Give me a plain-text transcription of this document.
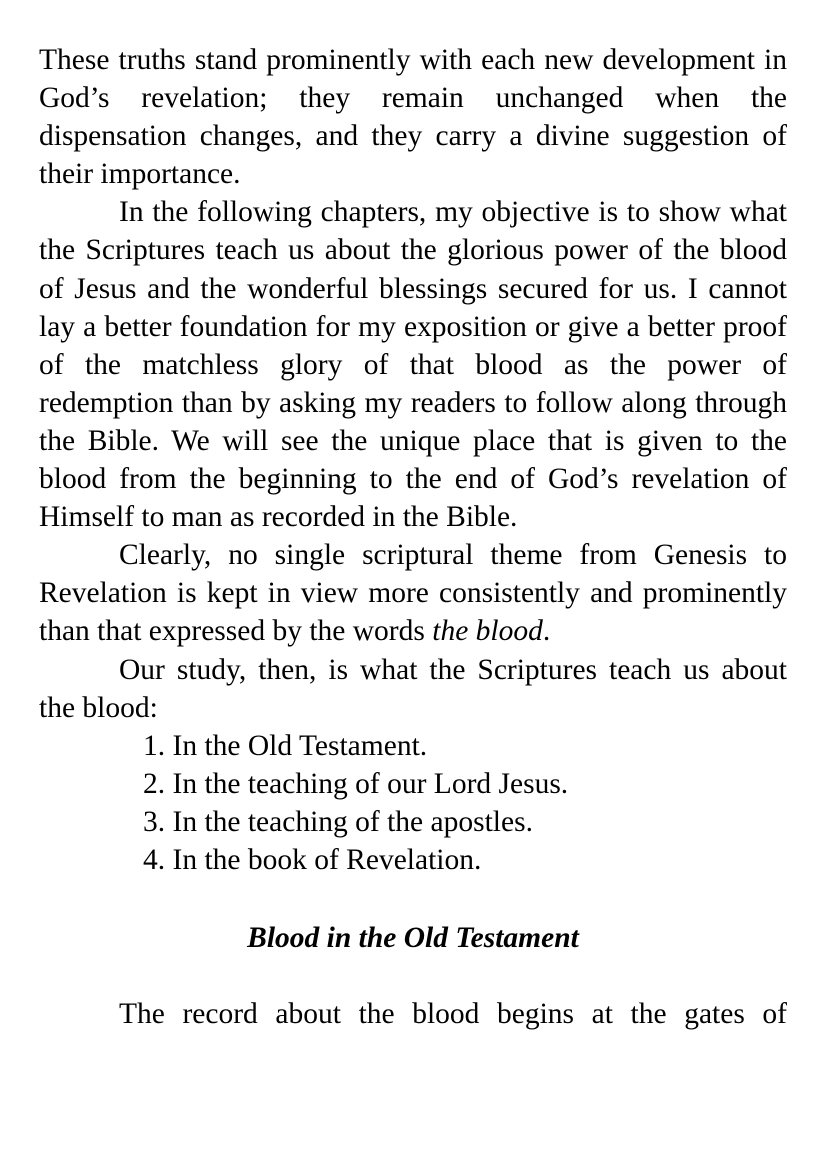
These truths stand prominently with each new development in God’s revelation; they remain unchanged when the dispensation changes, and they carry a divine suggestion of their importance.

In the following chapters, my objective is to show what the Scriptures teach us about the glorious power of the blood of Jesus and the wonderful blessings secured for us. I cannot lay a better foundation for my exposition or give a better proof of the matchless glory of that blood as the power of redemption than by asking my readers to follow along through the Bible. We will see the unique place that is given to the blood from the beginning to the end of God’s revelation of Himself to man as recorded in the Bible.

Clearly, no single scriptural theme from Genesis to Revelation is kept in view more consistently and prominently than that expressed by the words the blood.

Our study, then, is what the Scriptures teach us about the blood:

1. In the Old Testament.
2. In the teaching of our Lord Jesus.
3. In the teaching of the apostles.
4. In the book of Revelation.

Blood in the Old Testament

The record about the blood begins at the gates of
